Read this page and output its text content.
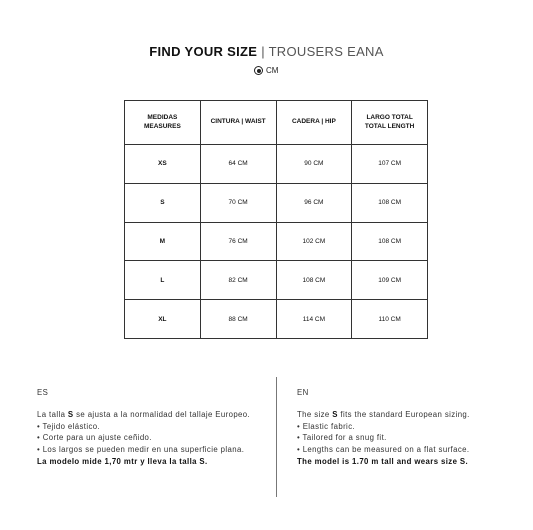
FIND YOUR SIZE | TROUSERS EANA
CM
MEDIDAS
MEASURES	CINTURA | WAIST	CADERA | HIP	LARGO TOTAL
TOTAL LENGTH
XS	64 CM	90 CM	107 CM
S	70 CM	96 CM	108 CM
M	76 CM	102 CM	108 CM
L	82 CM	108 CM	109 CM
XL	88 CM	114 CM	110 CM
ES
La talla S se ajusta a la normalidad del tallaje Europeo.
• Tejido elástico.
• Corte para un ajuste ceñido.
• Los largos se pueden medir en una superficie plana.
La modelo mide 1,70 mtr y lleva la talla S.
EN
The size S fits the standard European sizing.
• Elastic fabric.
• Tailored for a snug fit.
• Lengths can be measured on a flat surface.
The model is 1.70 m tall and wears size S.
